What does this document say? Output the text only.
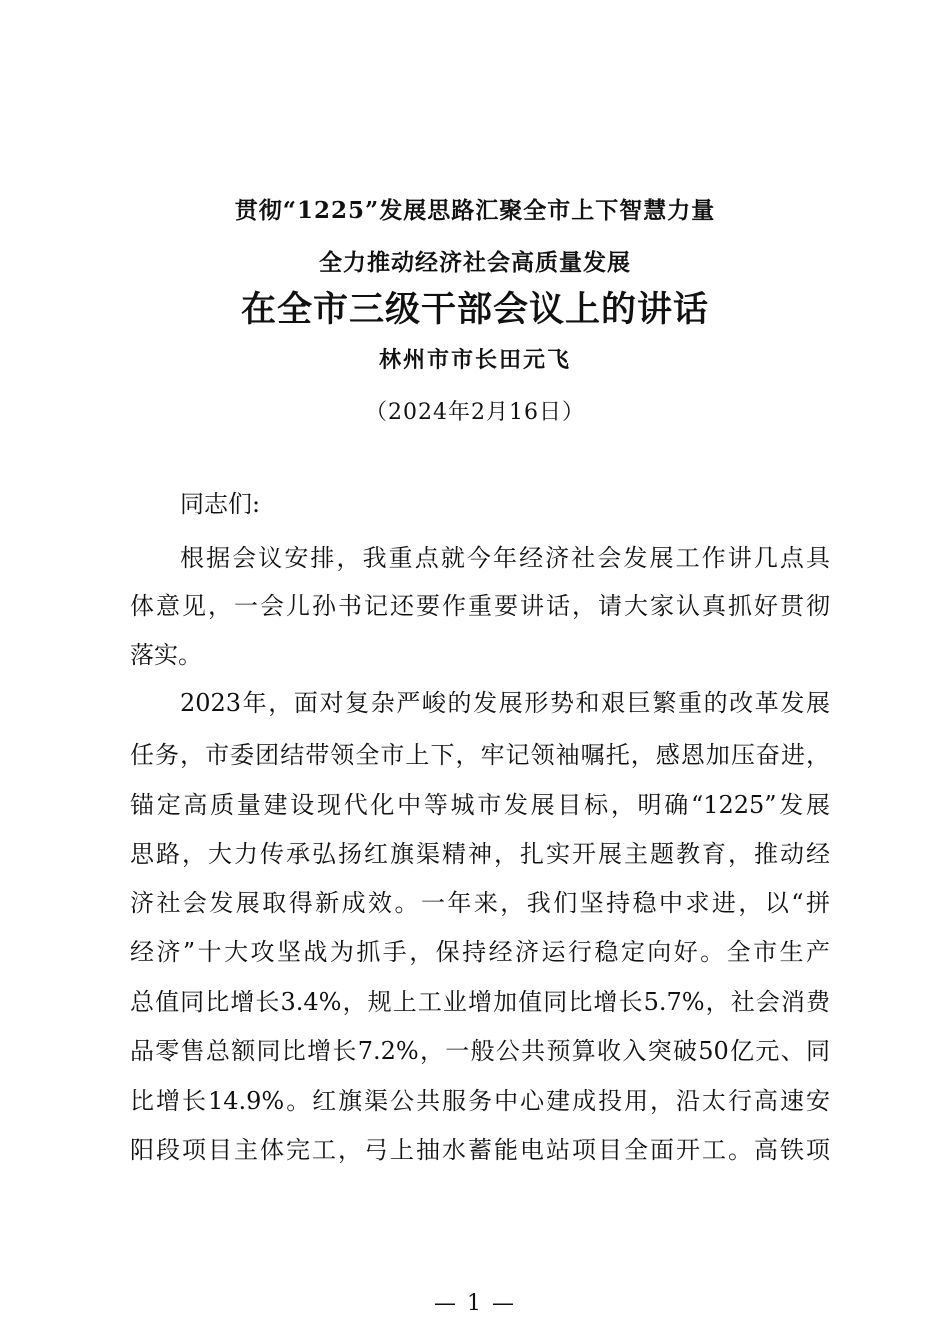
贯彻“1225”发展思路汇聚全市上下智慧力量
全力推动经济社会高质量发展
在全市三级干部会议上的讲话
林州市市长田元飞
（2024年2月16日）
同志们:
根据会议安排，我重点就今年经济社会发展工作讲几点具
体意见，一会儿孙书记还要作重要讲话，请大家认真抓好贯彻
落实。
2023年，面对复杂严峻的发展形势和艰巨繁重的改革发展
任务，市委团结带领全市上下，牢记领袖嘱托，感恩加压奋进，
锚定高质量建设现代化中等城市发展目标，明确“1225”发展
思路，大力传承弘扬红旗渠精神，扎实开展主题教育，推动经
济社会发展取得新成效。一年来，我们坚持稳中求进，以“拼
经济”十大攻坚战为抓手，保持经济运行稳定向好。全市生产
总值同比增长3.4%，规上工业增加值同比增长5.7%，社会消费
品零售总额同比增长7.2%，一般公共预算收入突破50亿元、同
比增长14.9%。红旗渠公共服务中心建成投用，沿太行高速安
阳段项目主体完工，弓上抽水蓄能电站项目全面开工。高铁项
— 1 —
